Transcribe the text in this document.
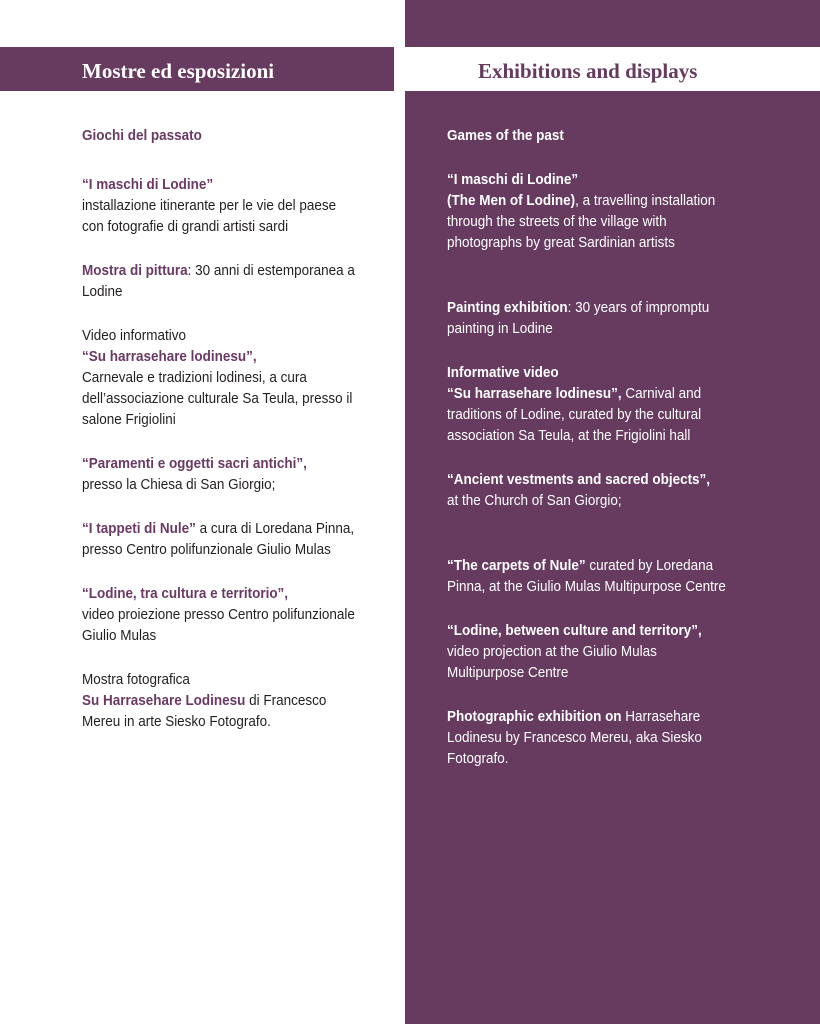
Mostre ed esposizioni	Exhibitions and displays

Giochi del passato

“I maschi di Lodine”
installazione itinerante per le vie del paese con fotografie di grandi artisti sardi

Mostra di pittura: 30 anni di estemporanea a Lodine

Video informativo
“Su harrasehare lodinesu”,
Carnevale e tradizioni lodinesi, a cura dell’associazione culturale Sa Teula, presso il salone Frigiolini

“Paramenti e oggetti sacri antichi”,
presso la Chiesa di San Giorgio;

“I tappeti di Nule” a cura di Loredana Pinna, presso Centro polifunzionale Giulio Mulas

“Lodine, tra cultura e territorio”,
video proiezione presso Centro polifunzionale Giulio Mulas

Mostra fotografica
Su Harrasehare Lodinesu di Francesco Mereu in arte Siesko Fotografo.

Games of the past

“I maschi di Lodine”
(The Men of Lodine), a travelling installation through the streets of the village with photographs by great Sardinian artists

Painting exhibition: 30 years of impromptu painting in Lodine

Informative video
“Su harrasehare lodinesu”, Carnival and traditions of Lodine, curated by the cultural association Sa Teula, at the Frigiolini hall

“Ancient vestments and sacred objects”,
at the Church of San Giorgio;

“The carpets of Nule” curated by Loredana Pinna, at the Giulio Mulas Multipurpose Centre

“Lodine, between culture and territory”,
video projection at the Giulio Mulas Multipurpose Centre

Photographic exhibition on Harrasehare Lodinesu by Francesco Mereu, aka Siesko Fotografo.
